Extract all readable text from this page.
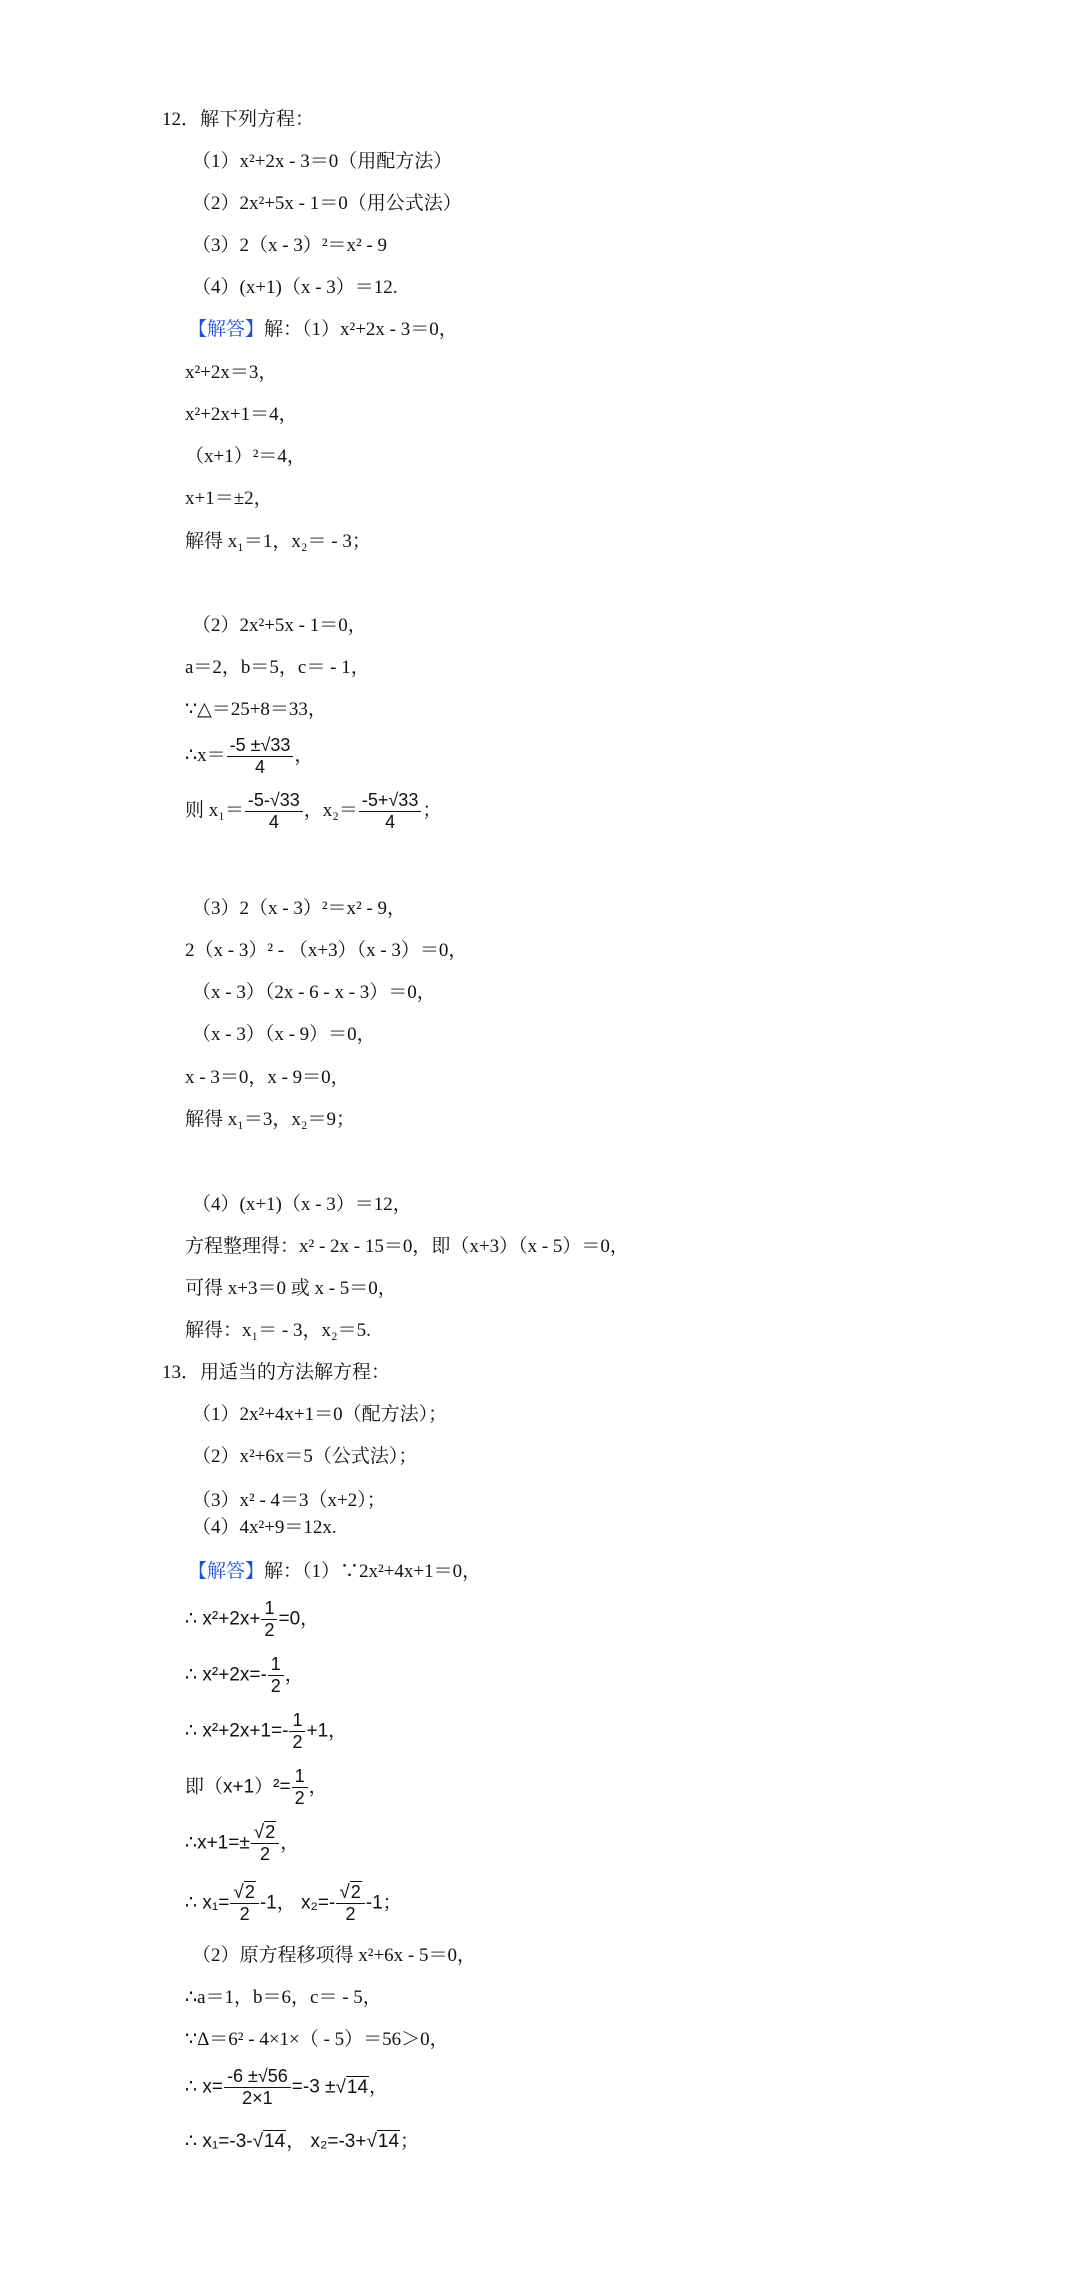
12．解下列方程：
（1）x²+2x - 3＝0（用配方法）
（2）2x²+5x - 1＝0（用公式法）
（3）2（x - 3）²＝x² - 9
（4）(x+1)（x - 3）＝12.
【解答】解：（1）x²+2x - 3＝0，
x²+2x＝3，
x²+2x+1＝4，
（x+1）²＝4，
x+1＝±2，
解得 x₁＝1，x₂＝ - 3；
（2）2x²+5x - 1＝0，
a＝2，b＝5，c＝ - 1，
∵△＝25+8＝33，
∴x＝ $\frac{-5 \pm√33}{4}$ ，
则 $x_1= \frac{-5-√33}{4}$ ，$x_2= \frac{-5+√33}{4}$ ；
（3）2（x - 3）²＝x² - 9，
2（x - 3）² - （x+3）（x - 3）＝0，
（x - 3）（2x - 6 - x - 3）＝0，
（x - 3）（x - 9）＝0，
x - 3＝0，x - 9＝0，
解得 x₁＝3，x₂＝9；
（4）(x+1)（x - 3）＝12，
方程整理得：x² - 2x - 15＝0，即（x+3）（x - 5）＝0，
可得 x+3＝0 或 x - 5＝0，
解得：x₁＝ - 3，x₂＝5.
13．用适当的方法解方程：
（1）2x²+4x+1＝0（配方法）；
（2）x²+6x＝5（公式法）；
（3）x² - 4＝3（x+2）；
（4）4x²+9＝12x.
【解答】解：（1）∵2x²+4x+1＝0，
∴ $x^2+2x+ \frac{1}{2} =0$，
∴ $x^2+2x=- \frac{1}{2}$ ，
∴ $x^2+2x+1=- \frac{1}{2} +1$，
即$(x+1)^2= \frac{1}{2}$ ，
∴x+1=± $\frac{√2}{2}$ ，
∴ $x_1= \frac{√2}{2} -1$， $x_2=- \frac{√2}{2} -1$；
（2）原方程移项得 x²+6x - 5＝0，
∴a＝1，b＝6，c＝ - 5，
∵Δ＝6² - 4×1×（ - 5）＝56＞0，
∴ $x= \frac{-6 \pm√56}{2\times 1} =-3 \pm√14$，
∴ x₁=-3-√14， x₂=-3+√14；
